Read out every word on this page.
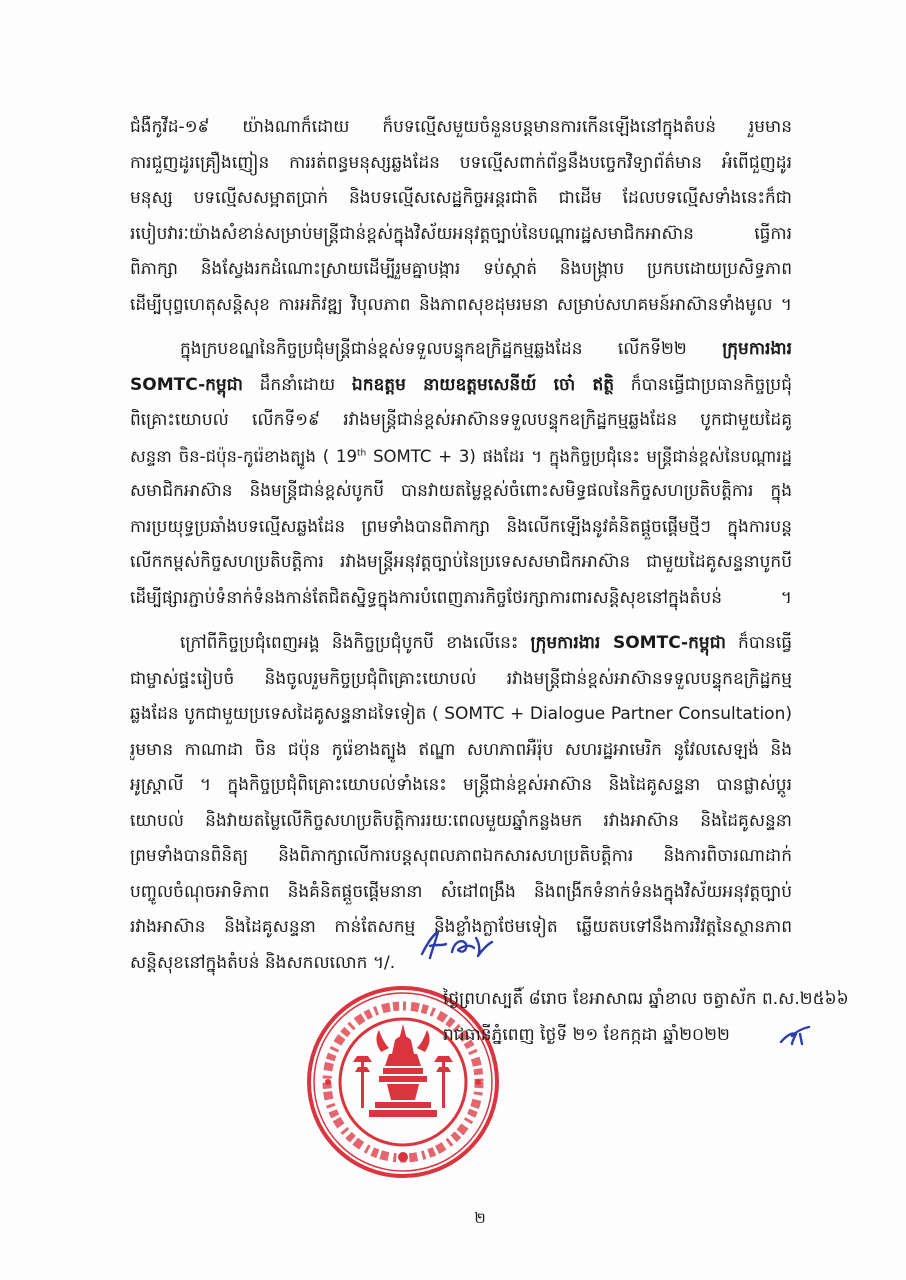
ជំងឺកូវីដ-១៩ យ៉ាងណាក៏ដោយ ក៏បទល្មើសមួយចំនួនបន្តមានការកើនឡើងនៅក្នុងតំបន់ រួមមាន
ការជួញដូរគ្រឿងញៀន ការរត់ពន្ធមនុស្សឆ្លងដែន បទល្មើសពាក់ព័ន្ធនឹងបច្ចេកវិទ្យាព័ត៌មាន អំពើជួញដូរ
មនុស្ស បទល្មើសសម្អាតប្រាក់ និងបទល្មើសសេដ្ឋកិច្ចអន្តរជាតិ ជាដើម ដែលបទល្មើសទាំងនេះក៏ជា
របៀបវារៈយ៉ាងសំខាន់សម្រាប់មន្ត្រីជាន់ខ្ពស់ក្នុងវិស័យអនុវត្តច្បាប់នៃបណ្តារដ្ឋសមាជិកអាស៊ាន ធ្វើការ
ពិភាក្សា និងស្វែងរកដំណោះស្រាយដើម្បីរួមគ្នាបង្ការ ទប់ស្កាត់ និងបង្ក្រាប ប្រកបដោយប្រសិទ្ធភាព
ដើម្បីបុព្វហេតុសន្តិសុខ ការអភិវឌ្ឍ វិបុលភាព និងភាពសុខដុមរមនា សម្រាប់សហគមន៍អាស៊ានទាំងមូល ។
ក្នុងក្របខណ្ឌនៃកិច្ចប្រជុំមន្ត្រីជាន់ខ្ពស់ទទួលបន្ទុកឧក្រិដ្ឋកម្មឆ្លងដែន លើកទី២២ ក្រុមការងារ
SOMTC-កម្ពុជា ដឹកនាំដោយ ឯកឧត្តម នាយឧត្តមសេនីយ៍ ចោ៎ ឥត្ថិ ក៏បានធ្វើជាប្រធានកិច្ចប្រជុំ
ពិគ្រោះយោបល់ លើកទី១៩ រវាងមន្ត្រីជាន់ខ្ពស់អាស៊ានទទួលបន្ទុកឧក្រិដ្ឋកម្មឆ្លងដែន បូកជាមួយដៃគូ
សន្ទនា ចិន-ជប៉ុន-កូរ៉េខាងត្បូង ( 19th SOMTC + 3) ផងដែរ ។ ក្នុងកិច្ចប្រជុំនេះ មន្ត្រីជាន់ខ្ពស់នៃបណ្តារដ្ឋ
សមាជិកអាស៊ាន និងមន្ត្រីជាន់ខ្ពស់បូកបី បានវាយតម្លៃខ្ពស់ចំពោះសមិទ្ធផលនៃកិច្ចសហប្រតិបត្តិការ ក្នុង
ការប្រយុទ្ធប្រឆាំងបទល្មើសឆ្លងដែន ព្រមទាំងបានពិភាក្សា និងលើកឡើងនូវគំនិតផ្តួចផ្តើមថ្មីៗ ក្នុងការបន្ត
លើកកម្ពស់កិច្ចសហប្រតិបត្តិការ រវាងមន្ត្រីអនុវត្តច្បាប់នៃប្រទេសសមាជិកអាស៊ាន ជាមួយដៃគូសន្ទនាបូកបី
ដើម្បីផ្សារភ្ជាប់ទំនាក់ទំនងកាន់តែជិតស្និទ្ធក្នុងការបំពេញភារកិច្ចថែរក្សាការពារសន្តិសុខនៅក្នុងតំបន់ ។
ក្រៅពីកិច្ចប្រជុំពេញអង្គ និងកិច្ចប្រជុំបូកបី ខាងលើនេះ ក្រុមការងារ SOMTC-កម្ពុជា ក៏បានធ្វើ
ជាម្ចាស់ផ្ទះរៀបចំ និងចូលរួមកិច្ចប្រជុំពិគ្រោះយោបល់ រវាងមន្ត្រីជាន់ខ្ពស់អាស៊ានទទួលបន្ទុកឧក្រិដ្ឋកម្ម
ឆ្លងដែន បូកជាមួយប្រទេសដៃគូសន្ទនាដទៃទៀត ( SOMTC + Dialogue Partner Consultation)
រួមមាន កាណាដា ចិន ជប៉ុន កូរ៉េខាងត្បូង ឥណ្ឌា សហភាពអឺរ៉ុប សហរដ្ឋអាមេរិក នូវែលសេឡង់ និង
អូស្ត្រាលី ។ ក្នុងកិច្ចប្រជុំពិគ្រោះយោបល់ទាំងនេះ មន្ត្រីជាន់ខ្ពស់អាស៊ាន និងដៃគូសន្ទនា បានផ្លាស់ប្តូរ
យោបល់ និងវាយតម្លៃលើកិច្ចសហប្រតិបត្តិការរយៈពេលមួយឆ្នាំកន្លងមក រវាងអាស៊ាន និងដៃគូសន្ទនា
ព្រមទាំងបានពិនិត្យ និងពិភាក្សាលើការបន្តសុពលភាពឯកសារសហប្រតិបត្តិការ និងការពិចារណាដាក់
បញ្ចូលចំណុចអាទិភាព និងគំនិតផ្តួចផ្តើមនានា សំដៅពង្រឹង និងពង្រីកទំនាក់ទំនងក្នុងវិស័យអនុវត្តច្បាប់
រវាងអាស៊ាន និងដៃគូសន្ទនា កាន់តែសកម្ម និងខ្លាំងក្លាថែមទៀត ឆ្លើយតបទៅនឹងការវិវត្តនៃស្ថានភាព
សន្តិសុខនៅក្នុងតំបន់ និងសកលលោក ។/.
ថ្ងៃព្រហស្បតិ៍ ៨រោច ខែអាសាឍ ឆ្នាំខាល ចត្វាស័ក ព.ស.២៥៦៦
រាជធានីភ្នំពេញ ថ្ងៃទី ២១ ខែកក្កដា ឆ្នាំ២០២២
២
